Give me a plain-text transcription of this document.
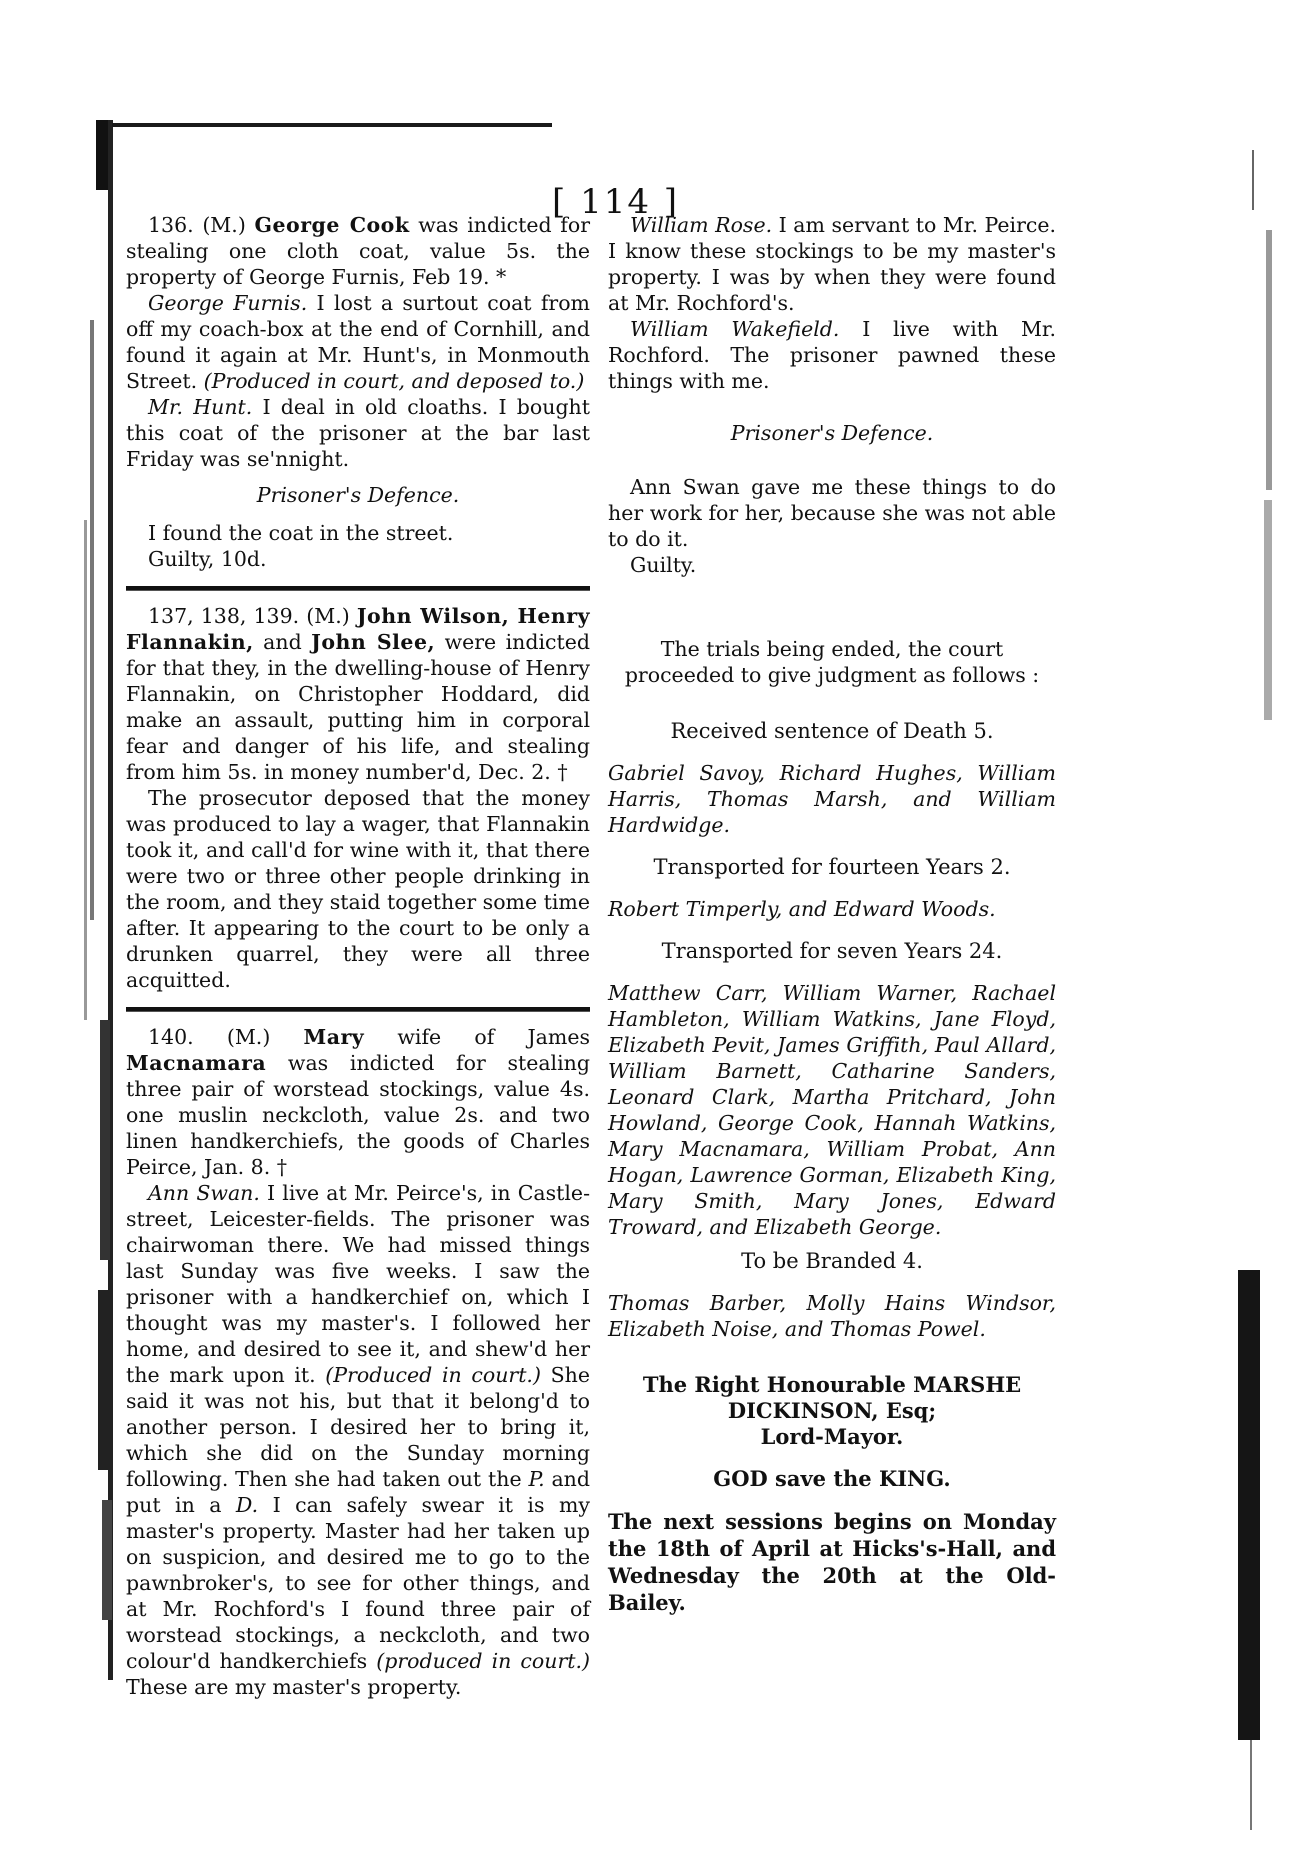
[ 114 ]

136. (M.) George Cook was indicted for stealing one cloth coat, value 5s. the property of George Furnis, Feb 19. *

George Furnis. I lost a surtout coat from off my coach-box at the end of Cornhill, and found it again at Mr. Hunt's, in Monmouth Street. (Produced in court, and deposed to.)

Mr. Hunt. I deal in old cloaths. I bought this coat of the prisoner at the bar last Friday was se'nnight.

Prisoner's Defence.

I found the coat in the street.

Guilty, 10d.

137, 138, 139. (M.) John Wilson, Henry Flannakin, and John Slee, were indicted for that they, in the dwelling-house of Henry Flannakin, on Christopher Hoddard, did make an assault, putting him in corporal fear and danger of his life, and stealing from him 5s. in money number'd, Dec. 2. †

The prosecutor deposed that the money was produced to lay a wager, that Flannakin took it, and call'd for wine with it, that there were two or three other people drinking in the room, and they staid together some time after. It appearing to the court to be only a drunken quarrel, they were all three acquitted.

140. (M.) Mary wife of James Macnamara was indicted for stealing three pair of worstead stockings, value 4s. one muslin neckcloth, value 2s. and two linen handkerchiefs, the goods of Charles Peirce, Jan. 8. †

Ann Swan. I live at Mr. Peirce's, in Castle-street, Leicester-fields. The prisoner was chairwoman there. We had missed things last Sunday was five weeks. I saw the prisoner with a handkerchief on, which I thought was my master's. I followed her home, and desired to see it, and shew'd her the mark upon it. (Produced in court.) She said it was not his, but that it belong'd to another person. I desired her to bring it, which she did on the Sunday morning following. Then she had taken out the P. and put in a D. I can safely swear it is my master's property. Master had her taken up on suspicion, and desired me to go to the pawnbroker's, to see for other things, and at Mr. Rochford's I found three pair of worstead stockings, a neckcloth, and two colour'd handkerchiefs (produced in court.) These are my master's property.

William Rose. I am servant to Mr. Peirce. I know these stockings to be my master's property. I was by when they were found at Mr. Rochford's.

William Wakefield. I live with Mr. Rochford. The prisoner pawned these things with me.

Prisoner's Defence.

Ann Swan gave me these things to do her work for her, because she was not able to do it.

Guilty.

The trials being ended, the court proceeded to give judgment as follows :

Received sentence of Death 5.

Gabriel Savoy, Richard Hughes, William Harris, Thomas Marsh, and William Hardwidge.

Transported for fourteen Years 2.

Robert Timperly, and Edward Woods.

Transported for seven Years 24.

Matthew Carr, William Warner, Rachael Hambleton, William Watkins, Jane Floyd, Elizabeth Pevit, James Griffith, Paul Allard, William Barnett, Catharine Sanders, Leonard Clark, Martha Pritchard, John Howland, George Cook, Hannah Watkins, Mary Macnamara, William Probat, Ann Hogan, Lawrence Gorman, Elizabeth King, Mary Smith, Mary Jones, Edward Troward, and Elizabeth George.

To be Branded 4.

Thomas Barber, Molly Hains Windsor, Elizabeth Noise, and Thomas Powel.

The Right Honourable MARSHE DICKINSON, Esq;

Lord-Mayor.

GOD save the KING.

The next sessions begins on Monday the 18th of April at Hicks's-Hall, and Wednesday the 20th at the Old-Bailey.
